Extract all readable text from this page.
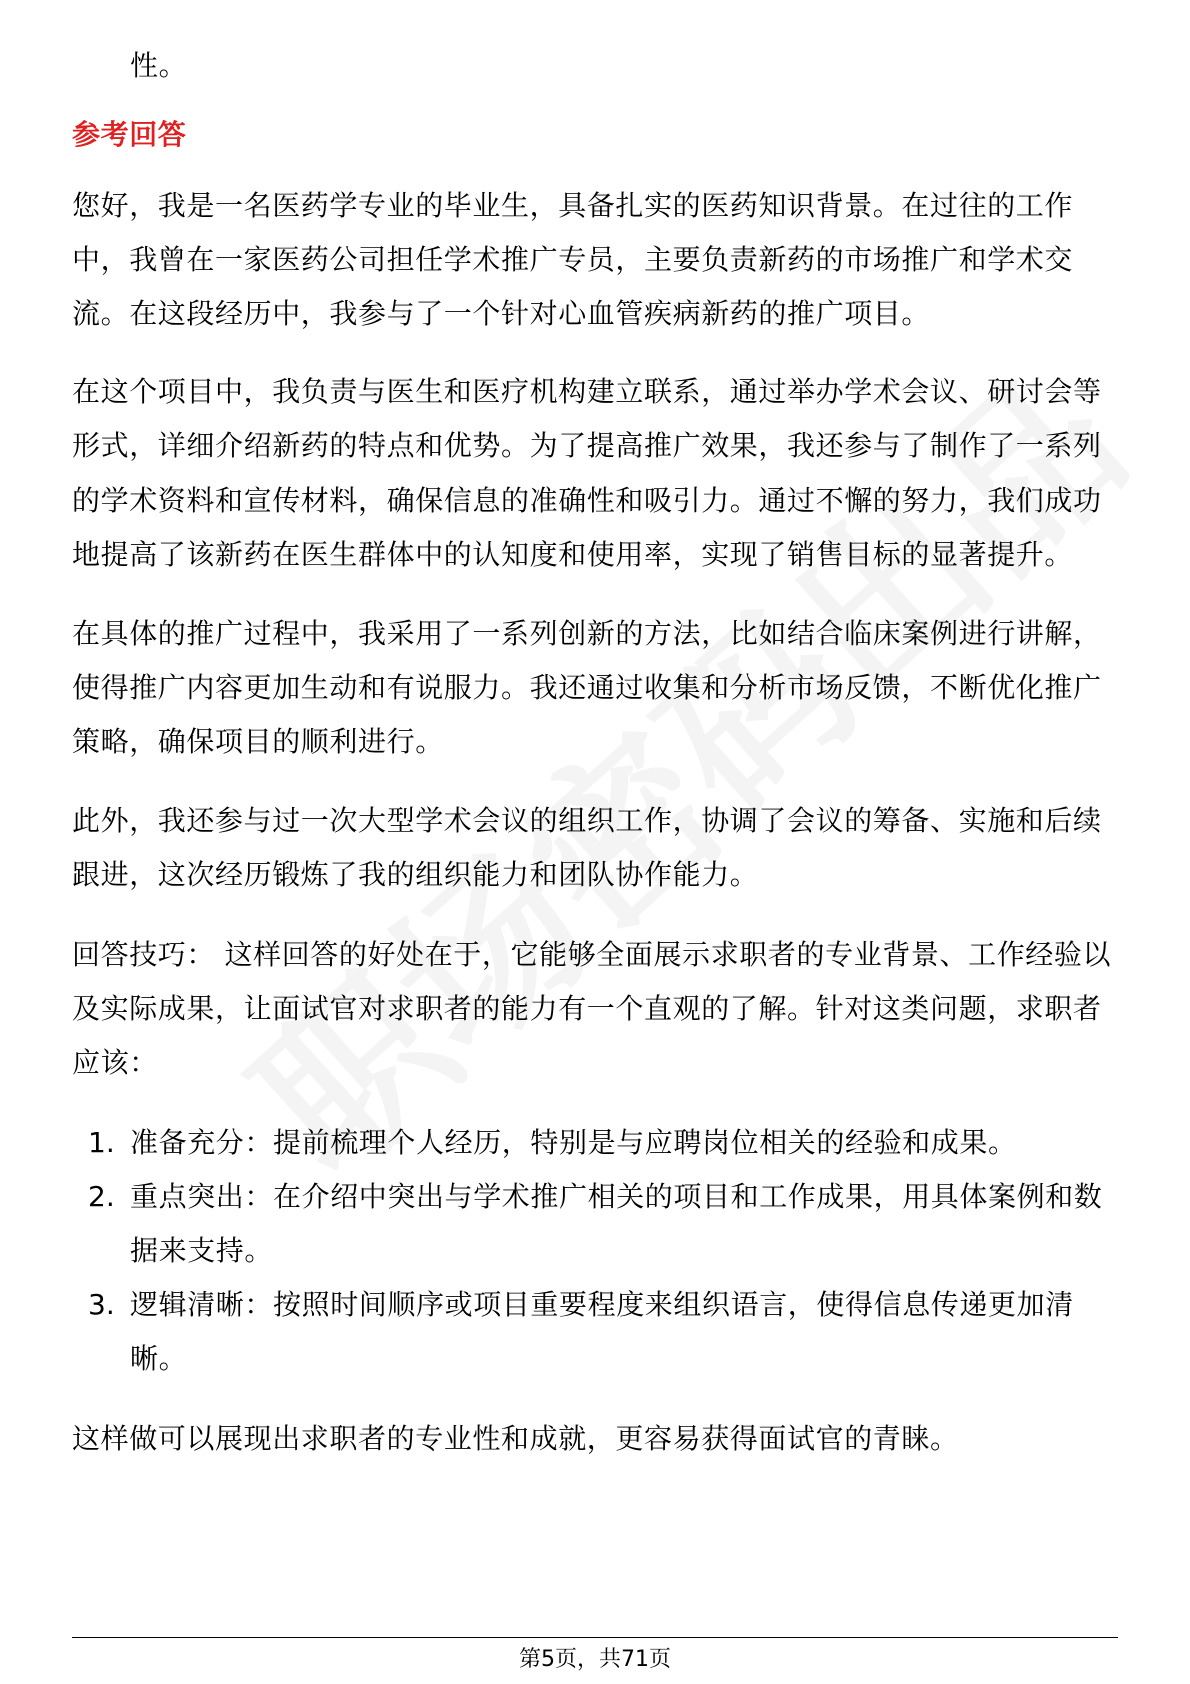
性。
参考回答
您好，我是一名医药学专业的毕业生，具备扎实的医药知识背景。在过往的工作
中，我曾在一家医药公司担任学术推广专员，主要负责新药的市场推广和学术交
流。在这段经历中，我参与了一个针对心血管疾病新药的推广项目。
在这个项目中，我负责与医生和医疗机构建立联系，通过举办学术会议、研讨会等
形式，详细介绍新药的特点和优势。为了提高推广效果，我还参与了制作了一系列
的学术资料和宣传材料，确保信息的准确性和吸引力。通过不懈的努力，我们成功
地提高了该新药在医生群体中的认知度和使用率，实现了销售目标的显著提升。
在具体的推广过程中，我采用了一系列创新的方法，比如结合临床案例进行讲解，
使得推广内容更加生动和有说服力。我还通过收集和分析市场反馈，不断优化推广
策略，确保项目的顺利进行。
此外，我还参与过一次大型学术会议的组织工作，协调了会议的筹备、实施和后续
跟进，这次经历锻炼了我的组织能力和团队协作能力。
回答技巧： 这样回答的好处在于，它能够全面展示求职者的专业背景、工作经验以
及实际成果，让面试官对求职者的能力有一个直观的了解。针对这类问题，求职者
应该：
1. 准备充分：提前梳理个人经历，特别是与应聘岗位相关的经验和成果。
2. 重点突出：在介绍中突出与学术推广相关的项目和工作成果，用具体案例和数
据来支持。
3. 逻辑清晰：按照时间顺序或项目重要程度来组织语言，使得信息传递更加清
晰。
这样做可以展现出求职者的专业性和成就，更容易获得面试官的青睐。
第5页，共71页
